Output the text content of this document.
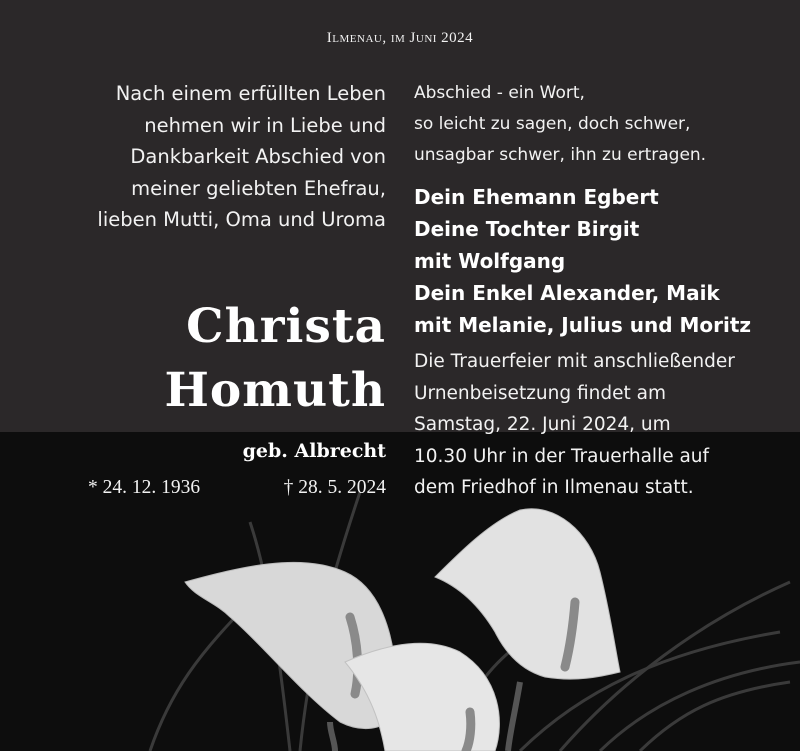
Ilmenau, im Juni 2024
Nach einem erfüllten Leben
nehmen wir in Liebe und
Dankbarkeit Abschied von
meiner geliebten Ehefrau,
lieben Mutti, Oma und Uroma
Christa
Homuth
geb. Albrecht
* 24. 12. 1936	† 28. 5. 2024
Abschied - ein Wort,
so leicht zu sagen, doch schwer,
unsagbar schwer, ihn zu ertragen.
Dein Ehemann Egbert
Deine Tochter Birgit
mit Wolfgang
Dein Enkel Alexander, Maik
mit Melanie, Julius und Moritz
Die Trauerfeier mit anschließender
Urnenbeisetzung findet am
Samstag, 22. Juni 2024, um
10.30 Uhr in der Trauerhalle auf
dem Friedhof in Ilmenau statt.
